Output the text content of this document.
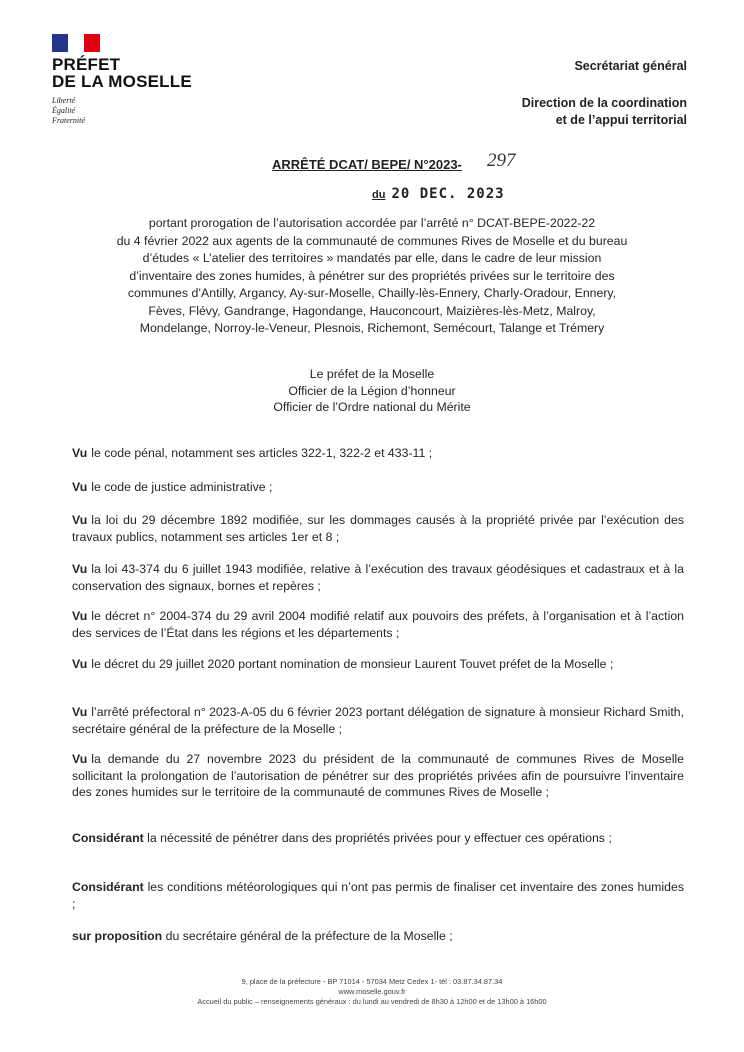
PRÉFET
DE LA MOSELLE
Liberté
Égalité
Fraternité
Secrétariat général
Direction de la coordination
et de l’appui territorial
ARRÊTÉ DCAT/ BEPE/ N°2023- 297
du 20 DEC. 2023
portant prorogation de l’autorisation accordée par l’arrêté n° DCAT-BEPE-2022-22
du 4 février 2022 aux agents de la communauté de communes Rives de Moselle et du bureau
d’études « L’atelier des territoires » mandatés par elle, dans le cadre de leur mission
d’inventaire des zones humides, à pénétrer sur des propriétés privées sur le territoire des
communes d’Antilly, Argancy, Ay-sur-Moselle, Chailly-lès-Ennery, Charly-Oradour, Ennery,
Fèves, Flévy, Gandrange, Hagondange, Hauconcourt, Maizières-lès-Metz, Malroy,
Mondelange, Norroy-le-Veneur, Plesnois, Richemont, Semécourt, Talange et Trémery
Le préfet de la Moselle
Officier de la Légion d’honneur
Officier de l’Ordre national du Mérite
Vu le code pénal, notamment ses articles 322-1, 322-2 et 433-11 ;
Vu le code de justice administrative ;
Vu la loi du 29 décembre 1892 modifiée, sur les dommages causés à la propriété privée par l’exécution des travaux publics, notamment ses articles 1er et 8 ;
Vu la loi 43-374 du 6 juillet 1943 modifiée, relative à l’exécution des travaux géodésiques et cadastraux et à la conservation des signaux, bornes et repères ;
Vu le décret n° 2004-374 du 29 avril 2004 modifié relatif aux pouvoirs des préfets, à l’organisation et à l’action des services de l’État dans les régions et les départements ;
Vu le décret du 29 juillet 2020 portant nomination de monsieur Laurent Touvet préfet de la Moselle ;
Vu l’arrêté préfectoral n° 2023-A-05 du 6 février 2023 portant délégation de signature à monsieur Richard Smith, secrétaire général de la préfecture de la Moselle ;
Vu la demande du 27 novembre 2023 du président de la communauté de communes Rives de Moselle sollicitant la prolongation de l’autorisation de pénétrer sur des propriétés privées afin de poursuivre l’inventaire des zones humides sur le territoire de la communauté de communes Rives de Moselle ;
Considérant la nécessité de pénétrer dans des propriétés privées pour y effectuer ces opérations ;
Considérant les conditions météorologiques qui n’ont pas permis de finaliser cet inventaire des zones humides ;
sur proposition du secrétaire général de la préfecture de la Moselle ;
9, place de la préfecture - BP 71014 - 57034 Metz Cedex 1- tél : 03.87.34.87.34
www.moselle.gouv.fr
Accueil du public – renseignements généraux : du lundi au vendredi de 8h30 à 12h00 et de 13h00 à 16h00
